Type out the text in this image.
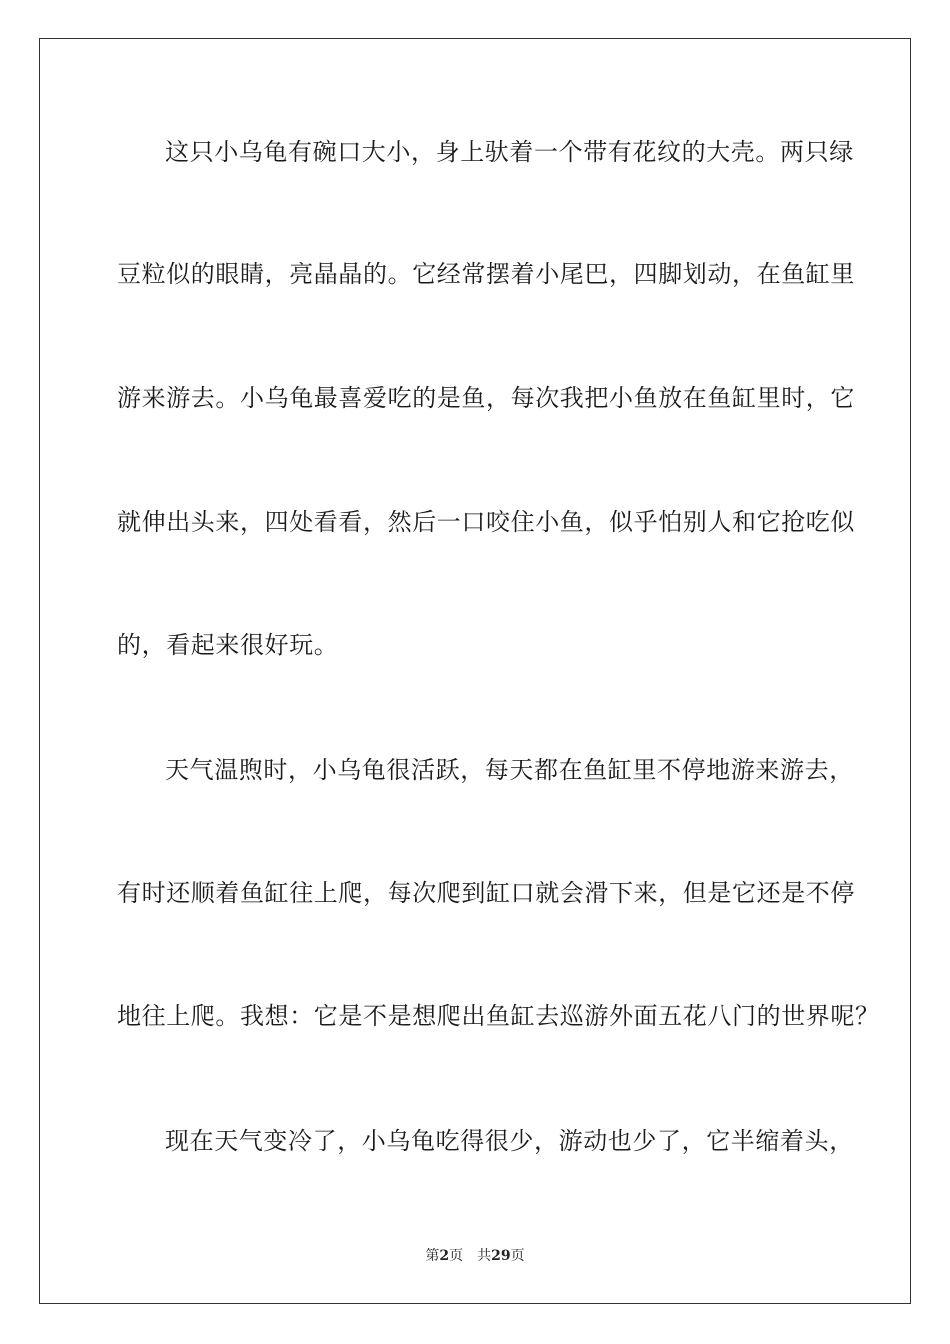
这只小乌龟有碗口大小，身上驮着一个带有花纹的大壳。两只绿
豆粒似的眼睛，亮晶晶的。它经常摆着小尾巴，四脚划动，在鱼缸里
游来游去。小乌龟最喜爱吃的是鱼，每次我把小鱼放在鱼缸里时，它
就伸出头来，四处看看，然后一口咬住小鱼，似乎怕别人和它抢吃似
的，看起来很好玩。
天气温煦时，小乌龟很活跃，每天都在鱼缸里不停地游来游去，
有时还顺着鱼缸往上爬，每次爬到缸口就会滑下来，但是它还是不停
地往上爬。我想：它是不是想爬出鱼缸去巡游外面五花八门的世界呢？
现在天气变冷了，小乌龟吃得很少，游动也少了，它半缩着头，
第2页 共29页
